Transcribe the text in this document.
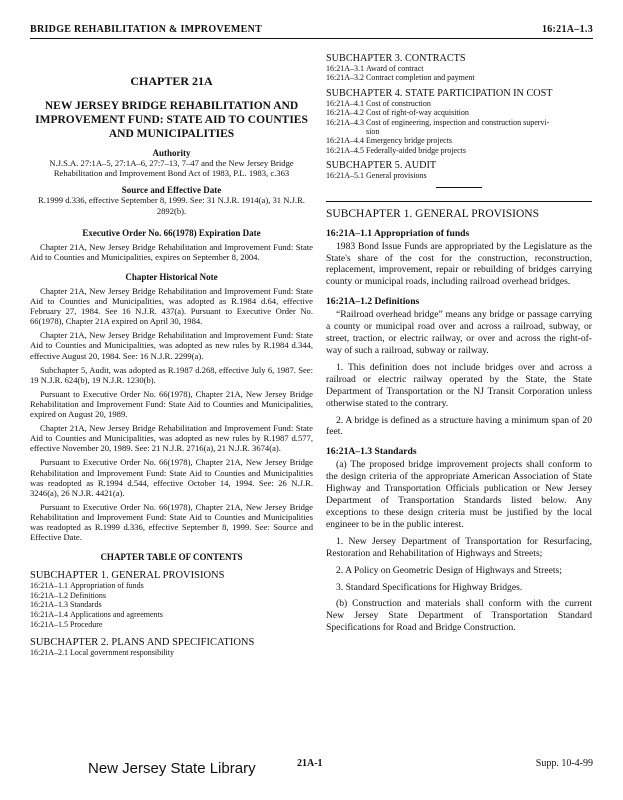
BRIDGE REHABILITATION & IMPROVEMENT	16:21A–1.3
CHAPTER 21A
NEW JERSEY BRIDGE REHABILITATION AND IMPROVEMENT FUND: STATE AID TO COUNTIES AND MUNICIPALITIES
Authority
N.J.S.A. 27:1A–5, 27:1A–6, 27:7–13, 7–47 and the New Jersey Bridge Rehabilitation and Improvement Bond Act of 1983, P.L. 1983, c.363
Source and Effective Date
R.1999 d.336, effective September 8, 1999. See: 31 N.J.R. 1914(a), 31 N.J.R. 2892(b).
Executive Order No. 66(1978) Expiration Date
Chapter 21A, New Jersey Bridge Rehabilitation and Improvement Fund: State Aid to Counties and Municipalities, expires on September 8, 2004.
Chapter Historical Note
Chapter 21A, New Jersey Bridge Rehabilitation and Improvement Fund: State Aid to Counties and Municipalities, was adopted as R.1984 d.64, effective February 27, 1984. See 16 N.J.R. 437(a). Pursuant to Executive Order No. 66(1978), Chapter 21A expired on April 30, 1984.
Chapter 21A, New Jersey Bridge Rehabilitation and Improvement Fund: State Aid to Counties and Municipalities, was adopted as new rules by R.1984 d.344, effective August 20, 1984. See: 16 N.J.R. 2299(a).
Subchapter 5, Audit, was adopted as R.1987 d.268, effective July 6, 1987. See: 19 N.J.R. 624(b), 19 N.J.R. 1230(b).
Pursuant to Executive Order No. 66(1978), Chapter 21A, New Jersey Bridge Rehabilitation and Improvement Fund: State Aid to Counties and Municipalities, expired on August 20, 1989.
Chapter 21A, New Jersey Bridge Rehabilitation and Improvement Fund: State Aid to Counties and Municipalities, was adopted as new rules by R.1987 d.577, effective November 20, 1989. See: 21 N.J.R. 2716(a), 21 N.J.R. 3674(a).
Pursuant to Executive Order No. 66(1978), Chapter 21A, New Jersey Bridge Rehabilitation and Improvement Fund: State Aid to Counties and Municipalities was readopted as R.1994 d.544, effective October 14, 1994. See: 26 N.J.R. 3246(a), 26 N.J.R. 4421(a).
Pursuant to Executive Order No. 66(1978), Chapter 21A, New Jersey Bridge Rehabilitation and Improvement Fund: State Aid to Counties and Municipalities was readopted as R.1999 d.336, effective September 8, 1999. See: Source and Effective Date.
CHAPTER TABLE OF CONTENTS
SUBCHAPTER 1. GENERAL PROVISIONS
16:21A–1.1 Appropriation of funds
16:21A–1.2 Definitions
16:21A–1.3 Standards
16:21A–1.4 Applications and agreements
16:21A–1.5 Procedure
SUBCHAPTER 2. PLANS AND SPECIFICATIONS
16:21A–2.1 Local government responsibility
SUBCHAPTER 3. CONTRACTS
16:21A–3.1 Award of contract
16:21A–3.2 Contract completion and payment
SUBCHAPTER 4. STATE PARTICIPATION IN COST
16:21A–4.1 Cost of construction
16:21A–4.2 Cost of right-of-way acquisition
16:21A–4.3 Cost of engineering, inspection and construction supervi-
sion
16:21A–4.4 Emergency bridge projects
16:21A–4.5 Federally-aided bridge projects
SUBCHAPTER 5. AUDIT
16:21A–5.1 General provisions
SUBCHAPTER 1. GENERAL PROVISIONS
16:21A–1.1 Appropriation of funds
1983 Bond Issue Funds are appropriated by the Legislature as the State's share of the cost for the construction, reconstruction, replacement, improvement, repair or rebuilding of bridges carrying county or municipal roads, including railroad overhead bridges.
16:21A–1.2 Definitions
“Railroad overhead bridge” means any bridge or passage carrying a county or municipal road over and across a railroad, subway, or street, traction, or electric railway, or over and across the right-of-way of such a railroad, subway or railway.
1. This definition does not include bridges over and across a railroad or electric railway operated by the State, the State Department of Transportation or the NJ Transit Corporation unless otherwise stated to the contrary.
2. A bridge is defined as a structure having a minimum span of 20 feet.
16:21A–1.3 Standards
(a) The proposed bridge improvement projects shall conform to the design criteria of the appropriate American Association of State Highway and Transportation Officials publication or New Jersey Department of Transportation Standards listed below. Any exceptions to these design criteria must be justified by the local engineer to be in the public interest.
1. New Jersey Department of Transportation for Resurfacing, Restoration and Rehabilitation of Highways and Streets;
2. A Policy on Geometric Design of Highways and Streets;
3. Standard Specifications for Highway Bridges.
(b) Construction and materials shall conform with the current New Jersey State Department of Transportation Standard Specifications for Road and Bridge Construction.
New Jersey State Library	21A-1	Supp. 10-4-99
